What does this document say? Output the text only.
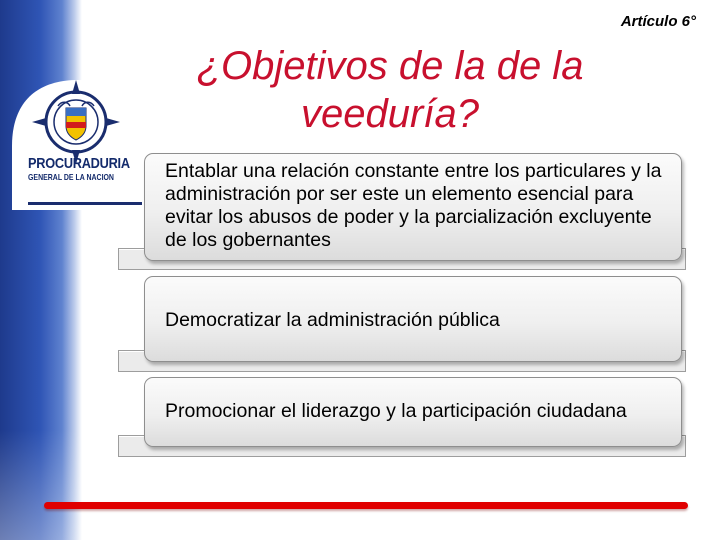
PROCURADURIA
GENERAL DE LA NACION
Artículo 6°
¿Objetivos de la de la veeduría?
Entablar una relación constante entre los particulares y la administración por ser este un elemento esencial para evitar los abusos de poder y la parcialización excluyente de los gobernantes
Democratizar la administración pública
Promocionar el liderazgo y la participación ciudadana
